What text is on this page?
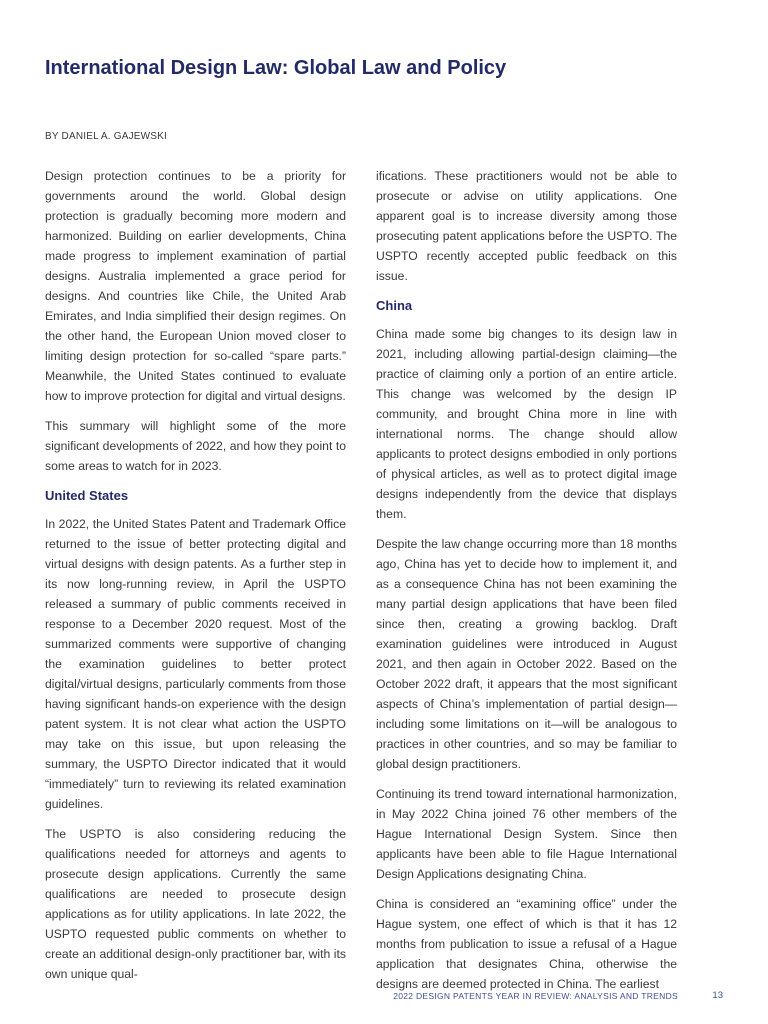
International Design Law: Global Law and Policy
BY DANIEL A. GAJEWSKI

Design protection continues to be a priority for governments around the world. Global design protection is gradually becoming more modern and harmonized. Building on earlier developments, China made progress to implement examination of partial designs. Australia implemented a grace period for designs. And countries like Chile, the United Arab Emirates, and India simplified their design regimes. On the other hand, the European Union moved closer to limiting design protection for so-called “spare parts.” Meanwhile, the United States continued to evaluate how to improve protection for digital and virtual designs.

This summary will highlight some of the more significant developments of 2022, and how they point to some areas to watch for in 2023.

United States

In 2022, the United States Patent and Trademark Office returned to the issue of better protecting digital and virtual designs with design patents. As a further step in its now long-running review, in April the USPTO released a summary of public comments received in response to a December 2020 request. Most of the summarized comments were supportive of changing the examination guidelines to better protect digital/virtual designs, particularly comments from those having significant hands-on experience with the design patent system. It is not clear what action the USPTO may take on this issue, but upon releasing the summary, the USPTO Director indicated that it would “immediately” turn to reviewing its related examination guidelines.

The USPTO is also considering reducing the qualifications needed for attorneys and agents to prosecute design applications. Currently the same qualifications are needed to prosecute design applications as for utility applications. In late 2022, the USPTO requested public comments on whether to create an additional design-only practitioner bar, with its own unique qual-

ifications. These practitioners would not be able to prosecute or advise on utility applications. One apparent goal is to increase diversity among those prosecuting patent applications before the USPTO. The USPTO recently accepted public feedback on this issue.

China

China made some big changes to its design law in 2021, including allowing partial-design claiming—the practice of claiming only a portion of an entire article. This change was welcomed by the design IP community, and brought China more in line with international norms. The change should allow applicants to protect designs embodied in only portions of physical articles, as well as to protect digital image designs independently from the device that displays them.

Despite the law change occurring more than 18 months ago, China has yet to decide how to implement it, and as a consequence China has not been examining the many partial design applications that have been filed since then, creating a growing backlog. Draft examination guidelines were introduced in August 2021, and then again in October 2022. Based on the October 2022 draft, it appears that the most significant aspects of China’s implementation of partial design—including some limitations on it—will be analogous to practices in other countries, and so may be familiar to global design practitioners.

Continuing its trend toward international harmonization, in May 2022 China joined 76 other members of the Hague International Design System. Since then applicants have been able to file Hague International Design Applications designating China.

China is considered an “examining office” under the Hague system, one effect of which is that it has 12 months from publication to issue a refusal of a Hague application that designates China, otherwise the designs are deemed protected in China. The earliest

2022 DESIGN PATENTS YEAR IN REVIEW: ANALYSIS AND TRENDS	13
